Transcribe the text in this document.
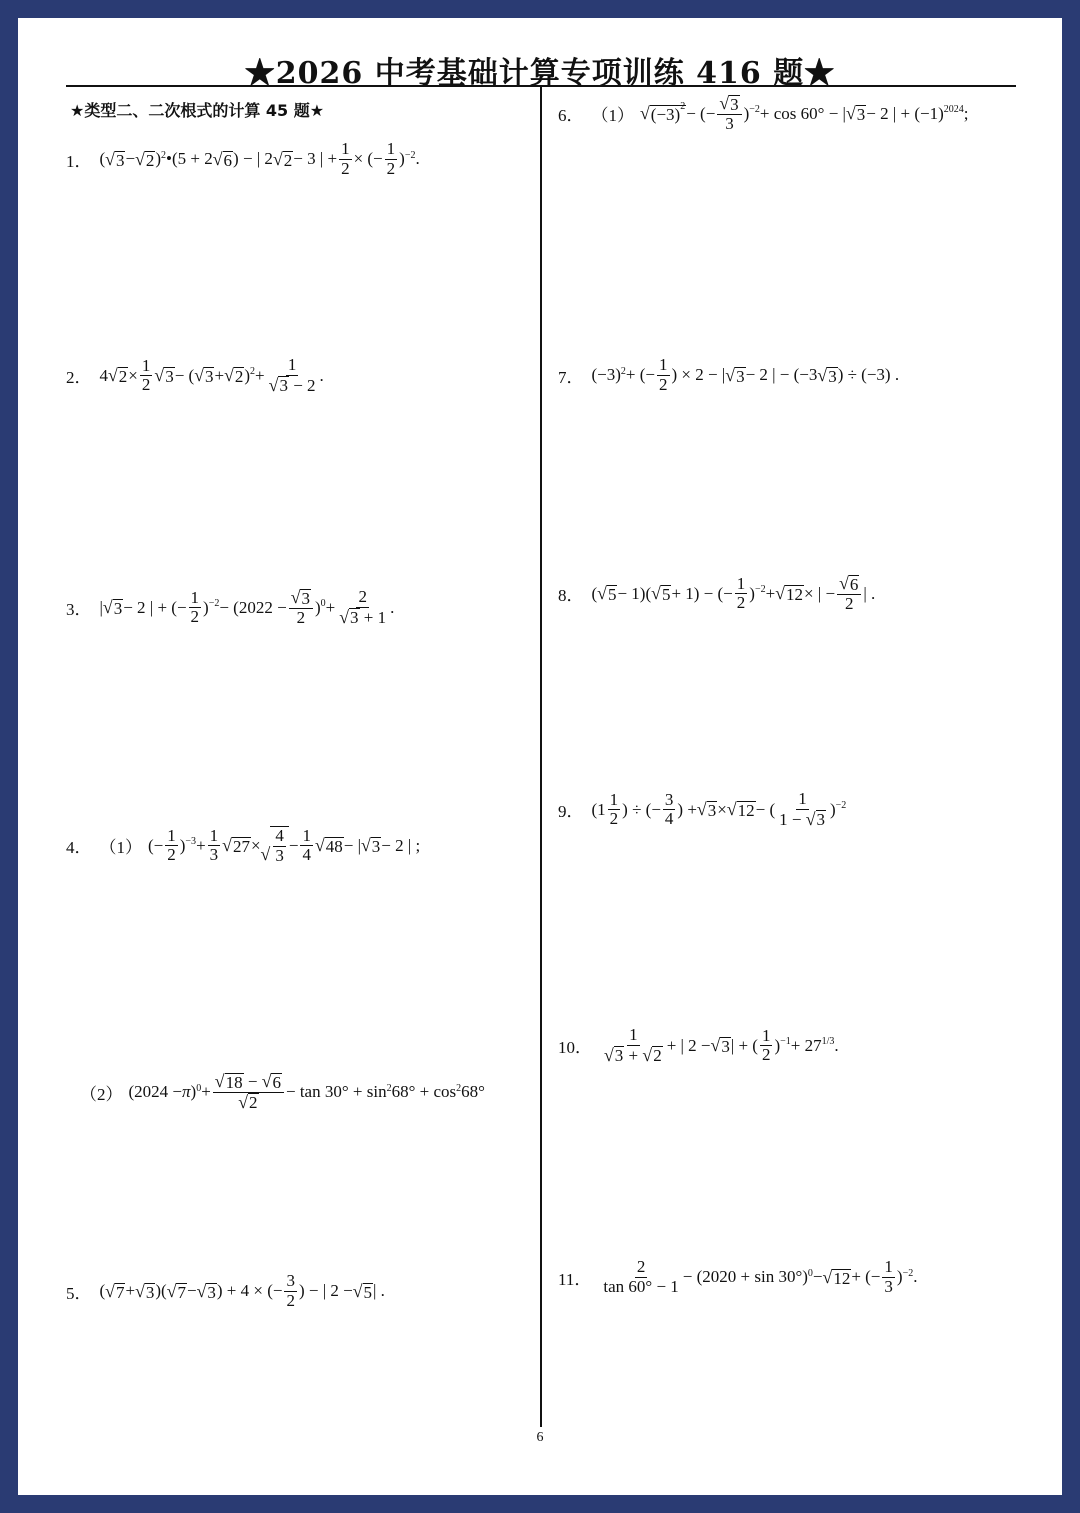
★2026 中考基础计算专项训练 416 题★
★类型二、二次根式的计算 45 题★
1． ( √ 3 − √ 2 )$^2$ •(5 + 2 √ 6 ) − | 2 √ 2 − 3 | + $\frac{1}{2}$ × (− $\frac{1}{2} )^{-2}$ .
2． 4 √ $2 \times \frac{1}{2}$ √ 3 − ( √ 3 + √ 2 )$^2 + \frac{1}{√ 3 - 2}$ .
3． | √ 3 − 2 | + (− $\frac{1}{2} )^{-2} - (2022 - \frac{√ 3}{2} )^0 + \frac{2}{√ 3 + 1}$ .
4． （1） (− $\frac{1}{2} )^{-3} + \frac{1}{3}$ √ 27 × √ $\frac{4}{3} - \frac{1}{4}$ √ 48 − | √ 3 − 2 | ;
（2） (2024 − π )$^0 + \frac{√ 18 - √ 6}{√ 2} - \tan 30^\circ + \sin^2 68^\circ + \cos^2 68^\circ$
5． ( √ 7 + √ 3 )( √ 7 − √ 3 ) + 4 × (− $\frac{3}{2}$ ) − | 2 − √ 5 | .
6． （1） √ $(-3)^2$ − (− $\frac{√ 3}{3} )^{-2} + \cos 60^\circ$ − | √ 3 − 2 | + $(-1)^{2024}$ ;
7． $(-3)^2$ + (− $\frac{1}{2}$ ) × 2 − | √ 3 − 2 | − (−3 √ 3 ) ÷ (−3) .
8． ( √ 5 − 1)( √ 5 + 1) − (− $\frac{1}{2} )^{-2}$ + √ 12 × | − $\frac{√ 6}{2}$ | .
9． ($1 \frac{1}{2}$ ) ÷ (− $\frac{3}{4}$ ) + √ 3 × √ 12 − ( $\frac{1}{1 - √ 3} )^{-2}$
10． $\frac{1}{√ 3 + √ 2}$ + | 2 − √ 3 | + ( $\frac{1}{2} )^{-1} + 27^{1/3}$ .
11． $\frac{2}{\tan 60^\circ - 1} - (2020 + \sin 30^\circ)^0$ − √ 12 + (− $\frac{1}{3} )^{-2}$ .
6
